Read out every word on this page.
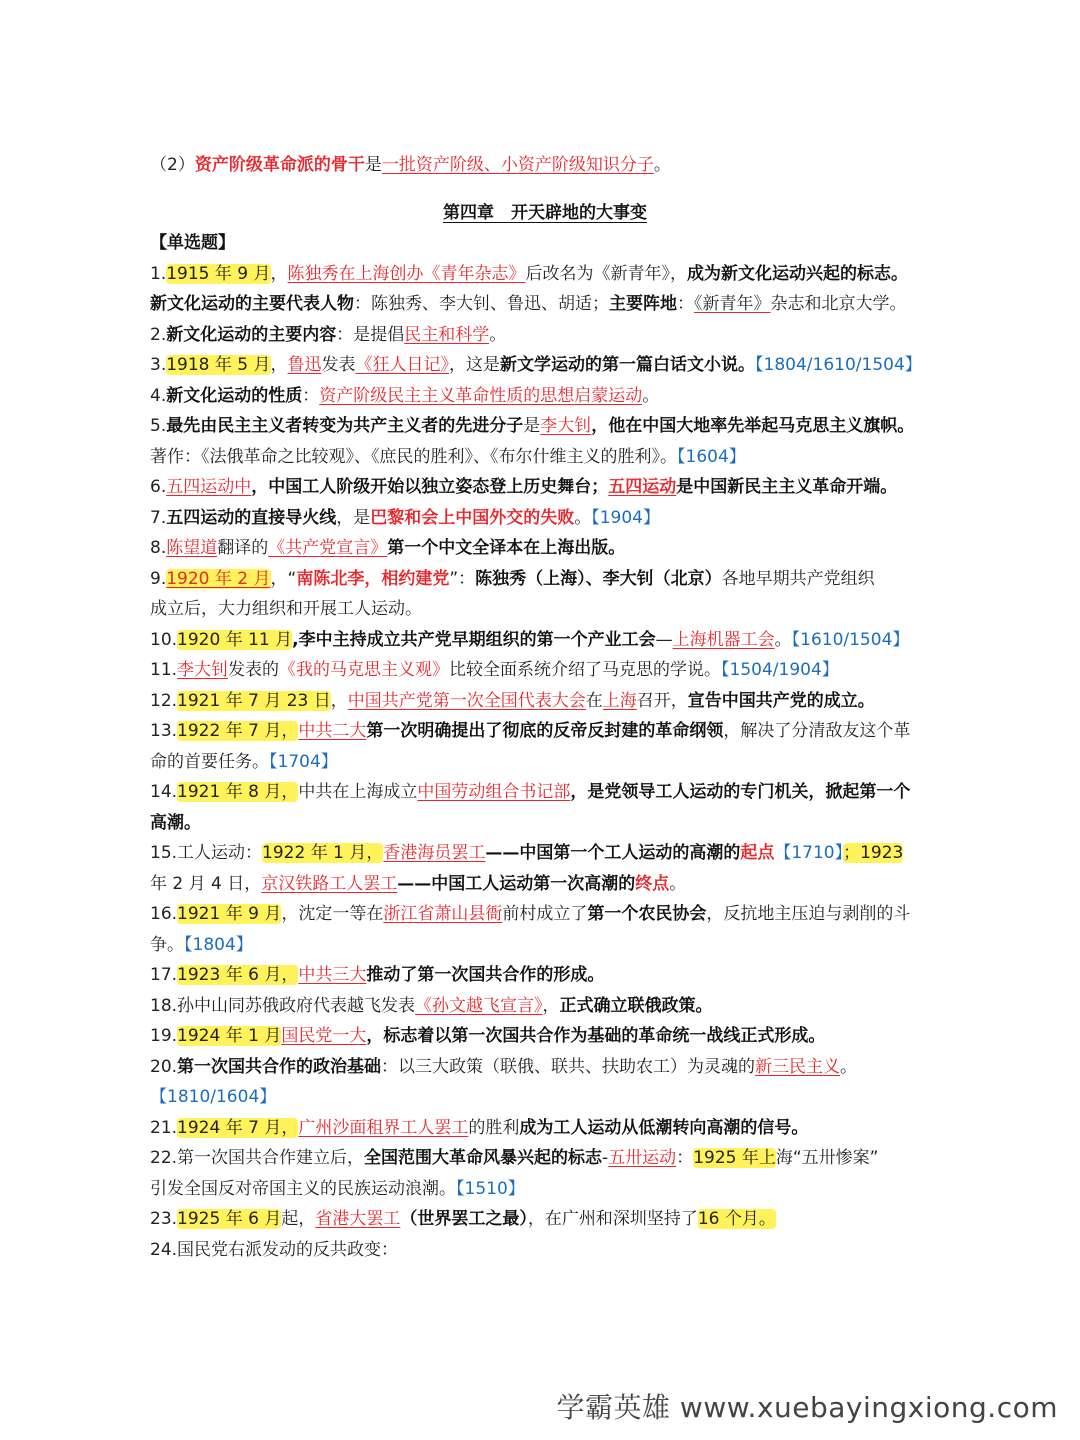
（2）资产阶级革命派的骨干是一批资产阶级、小资产阶级知识分子。
第四章　开天辟地的大事变
【单选题】
1.1915 年 9 月，陈独秀在上海创办《青年杂志》后改名为《新青年》，成为新文化运动兴起的标志。
新文化运动的主要代表人物：陈独秀、李大钊、鲁迅、胡适；主要阵地：《新青年》杂志和北京大学。
2.新文化运动的主要内容：是提倡民主和科学。
3.1918 年 5 月，鲁迅发表《狂人日记》，这是新文学运动的第一篇白话文小说。【1804/1610/1504】
4.新文化运动的性质：资产阶级民主主义革命性质的思想启蒙运动。
5.最先由民主主义者转变为共产主义者的先进分子是李大钊，他在中国大地率先举起马克思主义旗帜。
著作：《法俄革命之比较观》、《庶民的胜利》、《布尔什维主义的胜利》。【1604】
6.五四运动中，中国工人阶级开始以独立姿态登上历史舞台；五四运动是中国新民主主义革命开端。
7.五四运动的直接导火线，是巴黎和会上中国外交的失败。【1904】
8.陈望道翻译的《共产党宣言》第一个中文全译本在上海出版。
9.1920 年 2 月，“南陈北李，相约建党”：陈独秀（上海）、李大钊（北京）各地早期共产党组织
成立后，大力组织和开展工人运动。
10.1920 年 11 月,李中主持成立共产党早期组织的第一个产业工会—上海机器工会。【1610/1504】
11.李大钊发表的《我的马克思主义观》比较全面系统介绍了马克思的学说。【1504/1904】
12.1921 年 7 月 23 日，中国共产党第一次全国代表大会在上海召开，宣告中国共产党的成立。
13.1922 年 7 月，中共二大第一次明确提出了彻底的反帝反封建的革命纲领，解决了分清敌友这个革
命的首要任务。【1704】
14.1921 年 8 月，中共在上海成立中国劳动组合书记部，是党领导工人运动的专门机关，掀起第一个
高潮。
15.工人运动：1922 年 1 月，香港海员罢工——中国第一个工人运动的高潮的起点【1710】；1923
年 2 月 4 日，京汉铁路工人罢工——中国工人运动第一次高潮的终点。
16.1921 年 9 月，沈定一等在浙江省萧山县衙前村成立了第一个农民协会，反抗地主压迫与剥削的斗
争。【1804】
17.1923 年 6 月，中共三大推动了第一次国共合作的形成。
18.孙中山同苏俄政府代表越飞发表《孙文越飞宣言》，正式确立联俄政策。
19.1924 年 1 月国民党一大，标志着以第一次国共合作为基础的革命统一战线正式形成。
20.第一次国共合作的政治基础：以三大政策（联俄、联共、扶助农工）为灵魂的新三民主义。
【1810/1604】
21.1924 年 7 月，广州沙面租界工人罢工的胜利成为工人运动从低潮转向高潮的信号。
22.第一次国共合作建立后，全国范围大革命风暴兴起的标志-五卅运动：1925 年上海“五卅惨案”
引发全国反对帝国主义的民族运动浪潮。【1510】
23.1925 年 6 月起，省港大罢工（世界罢工之最），在广州和深圳坚持了16 个月。
24.国民党右派发动的反共政变：
学霸英雄 www.xuebayingxiong.com
